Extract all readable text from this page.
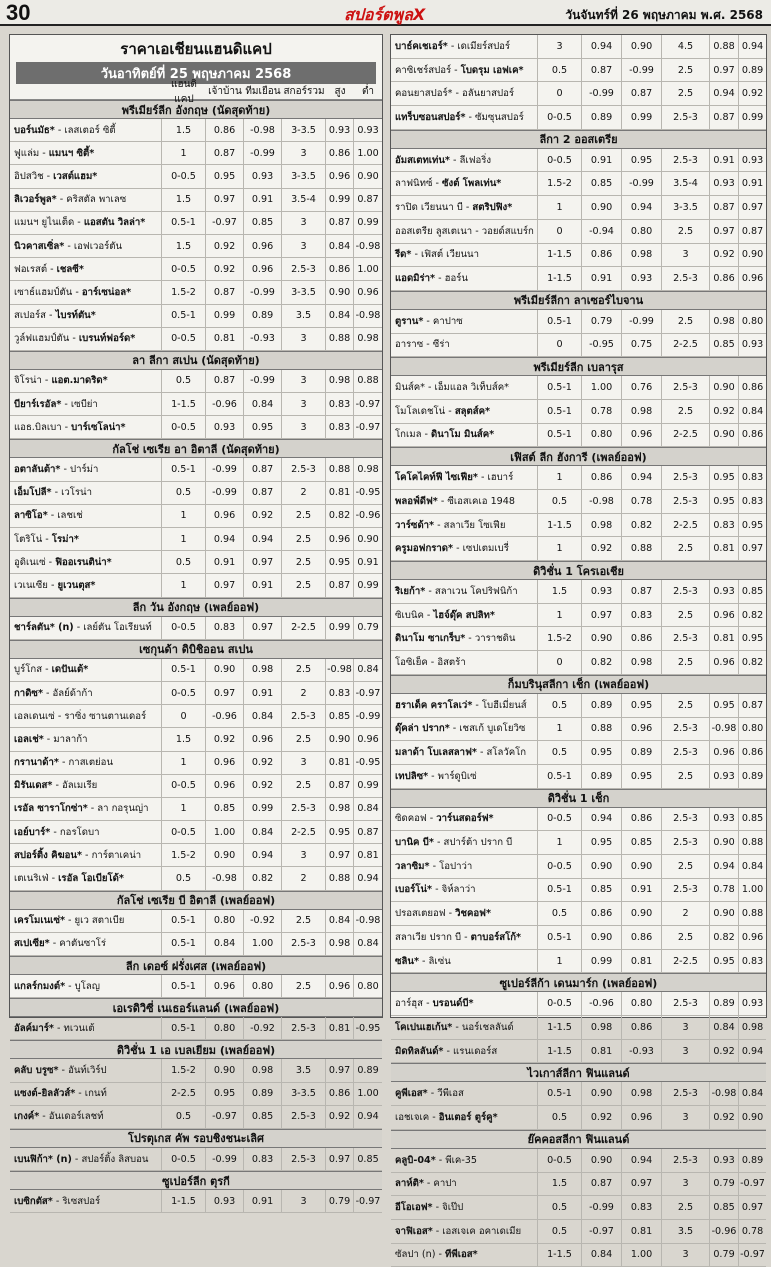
30	สปอร์ตพูลX	วันจันทร์ที่ 26 พฤษภาคม พ.ศ. 2568
ราคาเอเชียนแฮนดิแคป
วันอาทิตย์ที่ 25 พฤษภาคม 2568
แฮนดิแคป
เจ้าบ้าน ทีมเยือน สกอร์รวม สูง	ต่ำ
พรีเมียร์ลีก อังกฤษ (นัดสุดท้าย)
บอร์นมัธ* - เลสเตอร์ ซิตี้	1.5	0.86	-0.98	3-3.5	0.93 0.93
ฟูแล่ม - แมนฯ ซิตี้*	1	0.87	-0.99	3	0.86 1.00
อิปสวิช - เวสต์แฮม*	0-0.5	0.95	0.93	3-3.5	0.96 0.90
ลิเวอร์พูล* - คริสตัล พาเลซ	1.5	0.97	0.91	3.5-4	0.99 0.87
แมนฯ ยูไนเต็ด - แอสตัน วิลล่า*	0.5-1	-0.97	0.85	3	0.87 0.99
นิวคาสเซิ่ล* - เอฟเวอร์ตัน	1.5	0.92	0.96	3	0.84 -0.98
ฟอเรสต์ - เชลซี*	0-0.5	0.92	0.96	2.5-3	0.86 1.00
เซาธ์แฮมป์ตัน - อาร์เซน่อล*	1.5-2	0.87	-0.99	3-3.5	0.90 0.96
สเปอร์ส - ไบรท์ตัน*	0.5-1	0.99	0.89	3.5	0.84 -0.98
วูล์ฟแฮมป์ตัน - เบรนท์ฟอร์ด*	0-0.5	0.81	-0.93	3	0.88 0.98
ลา ลีกา สเปน (นัดสุดท้าย)
จิโรน่า - แอต.มาดริด*	0.5	0.87	-0.99	3	0.98 0.88
บียาร์เรอัล* - เซบีย่า	1-1.5	-0.96	0.84	3	0.83 -0.97
แอธ.บิลเบา - บาร์เซโลน่า*	0-0.5	0.93	0.95	3	0.83 -0.97
กัลโช่ เซเรีย อา อิตาลี (นัดสุดท้าย)
อตาลันต้า* - ปาร์ม่า	0.5-1	-0.99	0.87	2.5-3	0.88 0.98
เอ็มโปลี* - เวโรน่า	0.5	-0.99	0.87	2	0.81 -0.95
ลาซิโอ* - เลชเช่	1	0.96	0.92	2.5	0.82 -0.96
โตริโน่ - โรม่า*	1	0.94	0.94	2.5	0.96 0.90
อูดิเนเซ่ - ฟิออเรนติน่า*	0.5	0.91	0.97	2.5	0.95 0.91
เวเนเซีย - ยูเวนตุส*	1	0.97	0.91	2.5	0.87 0.99
ลีก วัน อังกฤษ (เพลย์ออฟ)
ชาร์ลตัน* (n) - เลย์ตัน โอเรียนท์	0-0.5	0.83	0.97	2-2.5	0.99 0.79
เซกุนด้า ดิบิชิออน สเปน
บูร์โกส - เดปันเต้*	0.5-1	0.90	0.98	2.5	-0.98 0.84
กาดิซ* - อัลย์ด้าก้า	0-0.5	0.97	0.91	2	0.83 -0.97
เอลเดนเซ่ - ราซิ่ง ซานตานเดอร์	0	-0.96	0.84	2.5-3	0.85 -0.99
เอลเช่* - มาลาก้า	1.5	0.92	0.96	2.5	0.90 0.96
กรานาด้า* - กาสเตย่อน	1	0.96	0.92	3	0.81 -0.95
มิรันเดส* - อัลเมเรีย	0-0.5	0.96	0.92	2.5	0.87 0.99
เรอัล ซาราโกซ่า* - ลา กอรุนญ่า	1	0.85	0.99	2.5-3	0.98 0.84
เอย์บาร์* - กอรโดบา	0-0.5	1.00	0.84	2-2.5	0.95 0.87
สปอร์ติ้ง คิฆอน* - การ์ตาเคน่า	1.5-2	0.90	0.94	3	0.97 0.81
เตเนริเฟ่ - เรอัล โอเบียโด้*	0.5	-0.98	0.82	2	0.88 0.94
กัลโช่ เซเรีย บี อิตาลี (เพลย์ออฟ)
เครโมเนเซ่* - ยูเว สตาเบีย	0.5-1	0.80	-0.92	2.5	0.84 -0.98
สเปเซีย* - คาตันซาโร่	0.5-1	0.84	1.00	2.5-3	0.98 0.84
ลีก เดอซ์ ฝรั่งเศส (เพลย์ออฟ)
แกลร์กมงต์* - บูโลญ	0.5-1	0.96	0.80	2.5	0.96 0.80
เอเรดิวิซี่ เนเธอร์แลนด์ (เพลย์ออฟ)
อัลค์มาร์* - ทเวนเต้	0.5-1	0.80	-0.92	2.5-3	0.81 -0.95
ดิวิชั่น 1 เอ เบลเยียม (เพลย์ออฟ)
คลับ บรูซ* - อันท์เวิร์ป	1.5-2	0.90	0.98	3.5	0.97 0.89
แซงต์-ยิลลัวส์* - เกนท์	2-2.5	0.95	0.89	3-3.5	0.86 1.00
เกงค์* - อันเดอร์เลชท์	0.5	-0.97	0.85	2.5-3	0.92 0.94
โปรตุเกส คัพ รอบชิงชนะเลิศ
เบนฟิก้า* (n) - สปอร์ติ้ง ลิสบอน	0-0.5	-0.99	0.83	2.5-3	0.97 0.85
ซูเปอร์ลีก ตุรกี
เบซิกตัส* - ริเซสปอร์	1-1.5	0.93	0.91	3	0.79 -0.97
บาธ์คเชเอร์* - เดเมียร์สปอร์	3	0.94	0.90	4.5	0.88 0.94
คาซิเชร์สปอร์ - โบดรุม เอฟเค*	0.5	0.87	-0.99	2.5	0.97 0.89
คอนยาสปอร์* - อลันยาสปอร์	0	-0.99	0.87	2.5	0.94 0.92
แทร็บซอนสปอร์* - ซัมซุนสปอร์	0-0.5	0.89	0.99	2.5-3	0.87 0.99
ลีกา 2 ออสเตรีย
อัมสเตทเท่น* - ลีเฟอริ่ง	0-0.5	0.91	0.95	2.5-3	0.91 0.93
ลาฟนิทซ์ - ซังต์ โพลเท่น*	1.5-2	0.85	-0.99	3.5-4	0.93 0.91
ราปิด เวียนนา บี - สตริปฟิง*	1	0.90	0.94	3-3.5	0.87 0.97
ออสเตรีย ลูสเตเนา - วอยด์สแบร์ก	0	-0.94	0.80	2.5	0.97 0.87
รีด* - เฟิสต์ เวียนนา	1-1.5	0.86	0.98	3	0.92 0.90
แอดมิร่า* - ฮอร์น	1-1.5	0.91	0.93	2.5-3	0.86 0.96
พรีเมียร์ลีกา ลาเซอร์ไบจาน
ตูราน* - คาปาซ	0.5-1	0.79	-0.99	2.5	0.98 0.80
อาราซ - ซีร่า	0	-0.95	0.75	2-2.5	0.85 0.93
พรีเมียร์ลีก เบลารุส
มินส์ค* - เอ็มแอล วิเท็บส์ค*	0.5-1	1.00	0.76	2.5-3	0.90 0.86
โมโลเดชโน่ - สลุตส์ค*	0.5-1	0.78	0.98	2.5	0.92 0.84
โกเมล - ดินาโม มินส์ค*	0.5-1	0.80	0.96	2-2.5	0.90 0.86
เฟิสต์ ลีก ฮังการี (เพลย์ออฟ)
โคโคไคท์ฟี ไซเฟีย* - เฮบาร์	1	0.86	0.94	2.5-3	0.95 0.83
พลอฟ์ดีฟ* - ซีเอสเคเอ 1948	0.5	-0.98	0.78	2.5-3	0.95 0.83
วาร์ซด้า* - สลาเวีย โซเฟีย	1-1.5	0.98	0.82	2-2.5	0.83 0.95
ครูมอฟกราด* - เซปเตมเบรี่	1	0.92	0.88	2.5	0.81 0.97
ดิวิชั่น 1 โครเอเชีย
ริเยก้า* - สลาเวน โคปริฟนิก้า	1.5	0.93	0.87	2.5-3	0.93 0.85
ซิเบนิค - ไฮจ์ดุ๊ค สปลิท*	1	0.97	0.83	2.5	0.96 0.82
ดินาโม ซาเกร็บ* - วาราชดิน	1.5-2	0.90	0.86	2.5-3	0.81 0.95
โอซิเย็ค - อิสตร้า	0	0.82	0.98	2.5	0.96 0.82
ก็มบรินุสลีกา เช็ก (เพลย์ออฟ)
ฮราเด็ค คราโลเว่* - โบฮีเมี่ยนส์	0.5	0.89	0.95	2.5	0.95 0.87
ดุ๊คล่า ปราก* - เชสเก้ บูเดโยวิซ	1	0.88	0.96	2.5-3	-0.98 0.80
มลาด้า โบเลสลาฟ* - สโลวัคโก	0.5	0.95	0.89	2.5-3	0.96 0.86
เทปลิซ* - พาร์ดูบิเซ่	0.5-1	0.89	0.95	2.5	0.93 0.89
ดิวิชั่น 1 เช็ก
ซิดคอฟ - วาร์นสดอร์ฟ*	0-0.5	0.94	0.86	2.5-3	0.93 0.85
บานิค บี* - สปาร์ต้า ปราก บี	1	0.95	0.85	2.5-3	0.90 0.88
วลาซิม* - โอปาว่า	0-0.5	0.90	0.90	2.5	0.94 0.84
เบอร์โน่* - จิห์ลาว่า	0.5-1	0.85	0.91	2.5-3	0.78 1.00
ปรอสเตยอฟ - วิชคอฟ*	0.5	0.86	0.90	2	0.90 0.88
สลาเวีย ปราก บี - ตาบอร์สโก้*	0.5-1	0.90	0.86	2.5	0.82 0.96
ซลิน* - ลิเซ่น	1	0.99	0.81	2-2.5	0.95 0.83
ซูเปอร์ลีก้า เดนมาร์ก (เพลย์ออฟ)
อาร์ฮุส - บรอนด์บี*	0-0.5	-0.96	0.80	2.5-3	0.89 0.93
โคเปนเฮเก้น* - นอร์เชลลันด์	1-1.5	0.98	0.86	3	0.84 0.98
มิดทิลลันด์* - แรนเดอร์ส	1-1.5	0.81	-0.93	3	0.92 0.94
ไวเกาส์ลีกา ฟินแลนด์
คูพีเอส* - วีพีเอส	0.5-1	0.90	0.98	2.5-3	-0.98 0.84
เอชเจเค - อินเตอร์ ตูร์คู*	0.5	0.92	0.96	3	0.92 0.90
ย๊คคอสลีกา ฟินแลนด์
คลูบิ-04* - พีเค-35	0-0.5	0.90	0.94	2.5-3	0.93 0.89
ลาห์ติ* - คาปา	1.5	0.87	0.97	3	0.79 -0.97
อีโอเอฟ* - จิเป๊ป	0.5	-0.99	0.83	2.5	0.85 0.97
จาฟิเอส* - เอสเจเค อคาเดเมีย	0.5	-0.97	0.81	3.5	-0.96 0.78
ซัลปา (n) - ทีพีเอส*	1-1.5	0.84	1.00	3	0.79 -0.97
